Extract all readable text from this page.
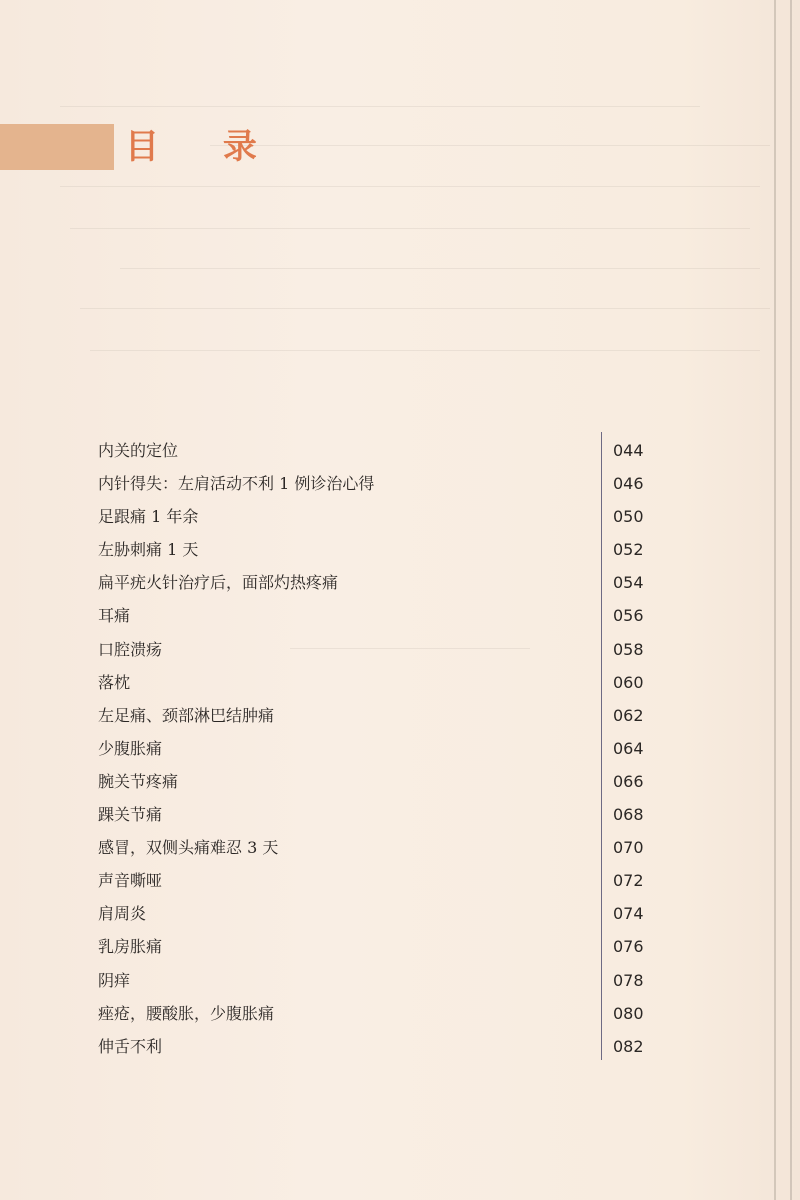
目 录
内关的定位	044
内针得失：左肩活动不利 1 例诊治心得	046
足跟痛 1 年余	050
左胁刺痛 1 天	052
扁平疣火针治疗后，面部灼热疼痛	054
耳痛	056
口腔溃疡	058
落枕	060
左足痛、颈部淋巴结肿痛	062
少腹胀痛	064
腕关节疼痛	066
踝关节痛	068
感冒，双侧头痛难忍 3 天	070
声音嘶哑	072
肩周炎	074
乳房胀痛	076
阴痒	078
痤疮，腰酸胀，少腹胀痛	080
伸舌不利	082
